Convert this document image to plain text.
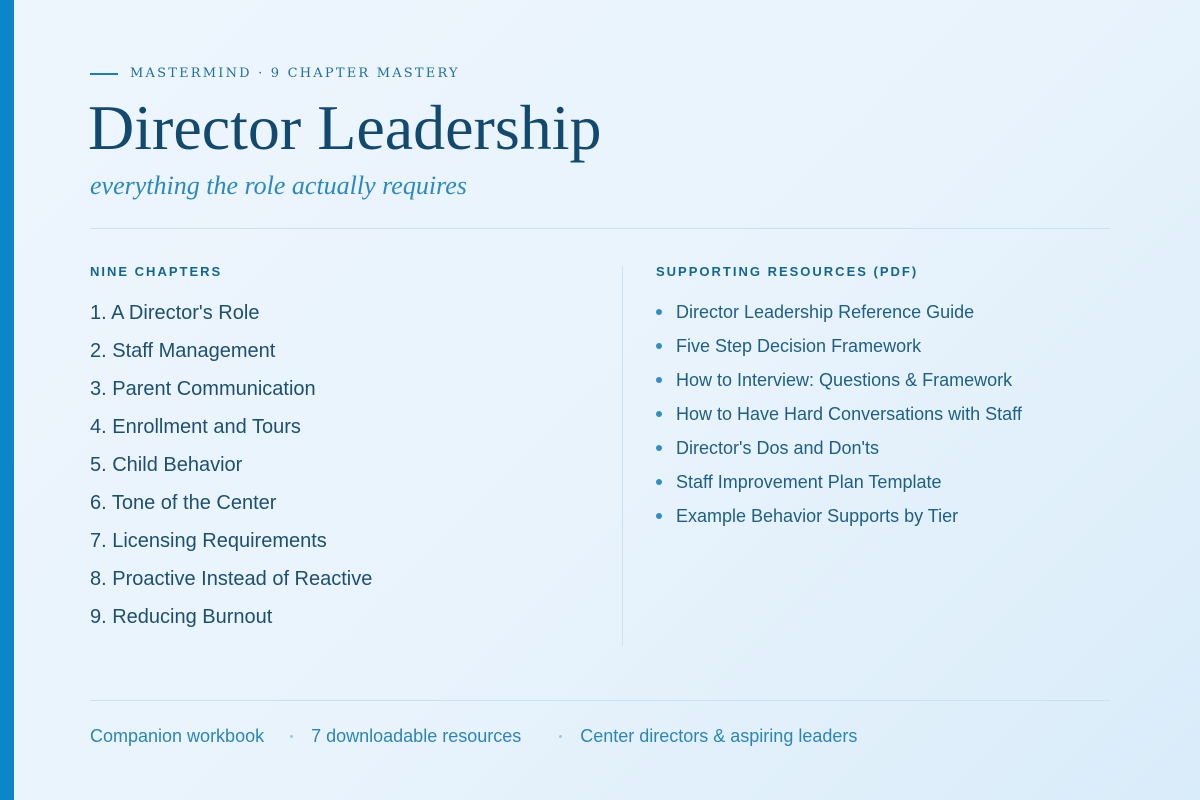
MASTERMIND · 9 CHAPTER MASTERY
Director Leadership
everything the role actually requires
NINE CHAPTERS
1. A Director's Role
2. Staff Management
3. Parent Communication
4. Enrollment and Tours
5. Child Behavior
6. Tone of the Center
7. Licensing Requirements
8. Proactive Instead of Reactive
9. Reducing Burnout
SUPPORTING RESOURCES (PDF)
Director Leadership Reference Guide
Five Step Decision Framework
How to Interview: Questions & Framework
How to Have Hard Conversations with Staff
Director's Dos and Don'ts
Staff Improvement Plan Template
Example Behavior Supports by Tier
Companion workbook	7 downloadable resources	Center directors & aspiring leaders
